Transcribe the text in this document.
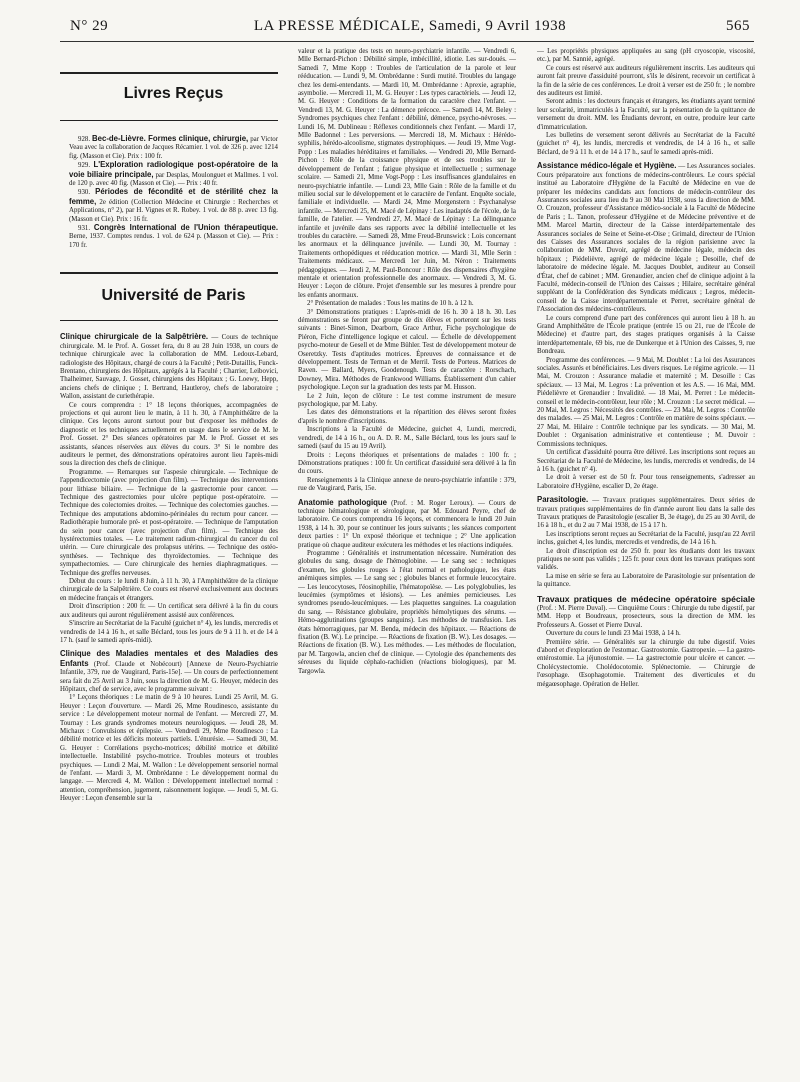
N° 29	LA PRESSE MÉDICALE, Samedi, 9 Avril 1938	565

Livres Reçus

928. Bec-de-Lièvre. Formes clinique, chirurgie, par Victor Veau avec la collaboration de Jacques Récamier. 1 vol. de 326 p. avec 1214 fig. (Masson et Cie). Prix : 100 fr.

929. L'Exploration radiologique post-opératoire de la voie biliaire principale, par Desplas, Moulonguet et Mallmes. 1 vol. de 120 p. avec 40 fig. (Masson et Cie). — Prix : 40 fr.

930. Périodes de fécondité et de stérilité chez la femme, 2e édition (Collection Médecine et Chirurgie : Recherches et Applications, n° 2), par H. Vignes et R. Robey. 1 vol. de 88 p. avec 13 fig. (Masson et Cie). Prix : 16 fr.

931. Congrès International de l'Union thérapeutique. Berne, 1937. Comptes rendus. 1 vol. de 624 p. (Masson et Cie). — Prix : 170 fr.

Université de Paris

Clinique chirurgicale de la Salpêtrière. — Cours de technique chirurgicale. M. le Prof. A. Gosset fera, du 8 au 28 Juin 1938, un cours de technique chirurgicale avec la collaboration de MM. Ledoux-Lebard, radiologiste des Hôpitaux, chargé de cours à la Faculté ; Petit-Dutaillis, Funck-Brentano, chirurgiens des Hôpitaux, agrégés à la Faculté ; Charrier, Leibovici, Thalheimer, Sauvage, J. Gosset, chirurgiens des Hôpitaux ; G. Loewy, Hepp, anciens chefs de clinique ; I. Bertrand, Hautleroy, chefs de laboratoire ; Wallon, assistant de curiethérapie.

Ce cours comprendra : 1° 18 leçons théoriques, accompagnées de projections et qui auront lieu le matin, à 11 h. 30, à l'Amphithéâtre de la clinique. Ces leçons auront surtout pour but d'exposer les méthodes de diagnostic et les techniques actuellement en usage dans le service de M. le Prof. Gosset. 2° Des séances opératoires par M. le Prof. Gosset et ses assistants, séances réservées aux élèves du cours. 3° Si le nombre des auditeurs le permet, des démonstrations opératoires auront lieu l'après-midi sous la direction des chefs de clinique.

Programme. — Remarques sur l'aspesie chirurgicale. — Technique de l'appendicectomie (avec projection d'un film). — Technique des interventions pour lithiase biliaire. — Technique de la gastrectomie pour cancer. — Technique des gastrectomies pour ulcère peptique post-opératoire. — Technique des colectomies droites. — Technique des colectomies gauches. — Technique des amputations abdomino-périnéales du rectum pour cancer. — Radiothérapie humorale pré- et post-opératoire. — Technique de l'amputation du sein pour cancer (avec projection d'un film). — Technique des hystérectomies totales. — Le traitement radium-chirurgical du cancer du col utérin. — Cure chirurgicale des prolapsus utérins. — Technique des ostéo-synthèses. — Technique des thyroïdectomies. — Technique des sympathectomies. — Cure chirurgicale des hernies diaphragmatiques. — Technique des greffes nerveuses.

Début du cours : le lundi 8 Juin, à 11 h. 30, à l'Amphithéâtre de la clinique chirurgicale de la Salpêtrière. Ce cours est réservé exclusivement aux docteurs en médecine français et étrangers.

Droit d'inscription : 200 fr. — Un certificat sera délivré à la fin du cours aux auditeurs qui auront régulièrement assisté aux conférences.

S'inscrire au Secrétariat de la Faculté (guichet n° 4), les lundis, mercredis et vendredis de 14 à 16 h., et salle Béclard, tous les jours de 9 à 11 h. et de 14 à 17 h. (sauf le samedi après-midi).

Clinique des Maladies mentales et des Maladies des Enfants (Prof. Claude et Nobécourt) [Annexe de Neuro-Psychiatrie Infantile, 379, rue de Vaugirard, Paris-15e]. — Un cours de perfectionnement sera fait du 25 Avril au 3 Juin, sous la direction de M. G. Heuyer, médecin des Hôpitaux, chef de service, avec le programme suivant :

1° Leçons théoriques : Le matin de 9 à 10 heures. Lundi 25 Avril, M. G. Heuyer : Leçon d'ouverture. — Mardi 26, Mme Roudinesco, assistante du service : Le développement moteur normal de l'enfant. — Mercredi 27, M. Tournay : Les grands syndromes moteurs neurologiques. — Jeudi 28, M. Michaux : Convulsions et épilepsie. — Vendredi 29, Mme Roudinesco : La débilité motrice et les déficits moteurs partiels. L'énurésie. — Samedi 30, M. G. Heuyer : Corrélations psycho-motrices; débilité motrice et débilité intellectuelle. Instabilité psycho-motrice. Troubles moteurs et troubles psychiques. — Lundi 2 Mai, M. Wallon : Le développement sensoriel normal de l'enfant. — Mardi 3, M. Ombrédanne : Le développement normal du langage. — Mercredi 4, M. Wallon : Développement intellectuel normal : attention, compréhension, jugement, raisonnement logique. — Jeudi 5, M. G. Heuyer : Leçon d'ensemble sur la

valeur et la pratique des tests en neuro-psychiatrie infantile. — Vendredi 6, Mlle Bernard-Pichon : Débilité simple, imbécillité, idiotie. Les sur-doués. — Samedi 7, Mme Kopp : Troubles de l'articulation de la parole et leur rééducation. — Lundi 9, M. Ombrédanne : Surdi mutité. Troubles du langage chez les demi-entendants. — Mardi 10, M. Ombrédanne : Aprexie, agraphie, asymbolie. — Mercredi 11, M. G. Heuyer : Les types caractériels. — Jeudi 12, M. G. Heuyer : Conditions de la formation du caractère chez l'enfant. — Vendredi 13, M. G. Heuyer : La démence précoce. — Samedi 14, M. Beley : Syndromes psychiques chez l'enfant : débilité, démence, psycho-névroses. — Lundi 16, M. Dublineau : Réflexes conditionnels chez l'enfant. — Mardi 17, Mlle Badonnel : Les perversions. — Mercredi 18, M. Michaux : Hérédo-syphilis, hérédo-alcoolisme, stigmates dystrophiques. — Jeudi 19, Mme Vogt-Popp : Les maladies héréditaires et familiales. — Vendredi 20, Mlle Bernard-Pichon : Rôle de la croissance physique et de ses troubles sur le développement de l'enfant ; fatigue physique et intellectuelle ; surmenage scolaire. — Samedi 21, Mme Vogt-Popp : Les insuffisances glandulaires en neuro-psychiatrie infantile. — Lundi 23, Mlle Gain : Rôle de la famille et du milieu social sur le développement et le caractère de l'enfant. Enquête sociale, familiale et individuelle. — Mardi 24, Mme Morgenstern : Psychanalyse infantile. — Mercredi 25, M. Macé de Lépinay : Les inadaptés de l'école, de la famille, de l'atelier. — Vendredi 27, M. Macé de Lépinay : La délinquance infantile et juvénile dans ses rapports avec la débilité intellectuelle et les troubles du caractère. — Samedi 28, Mme Freud-Brunswick : Lois concernant les anormaux et la délinquance juvénile. — Lundi 30, M. Tournay : Traitements orthopédiques et rééducation motrice. — Mardi 31, Mlle Serin : Traitements médicaux. — Mercredi 1er Juin, M. Néron : Traitements pédagogiques. — Jeudi 2, M. Paul-Boncour : Rôle des dispensaires d'hygiène mentale et orientation professionnelle des anormaux. — Vendredi 3, M. G. Heuyer : Leçon de clôture. Projet d'ensemble sur les mesures à prendre pour les enfants anormaux.

2° Présentation de malades : Tous les matins de 10 h. à 12 h.

3° Démonstrations pratiques : L'après-midi de 16 h. 30 à 18 h. 30. Les démonstrations se feront par groupe de dix élèves et porteront sur les tests suivants : Binet-Simon, Dearborn, Grace Arthur, Fiche psychologique de Piéron, Fiche d'intelligence logique et calcul. — Échelle de développement psycho-moteur de Gesell et de Mme Bühler. Test de développement moteur de Oseretzky. Tests d'aptitudes motrices. Épreuves de connaissance et de développement. Tests de Terman et de Merril. Tests de Porteus. Matrices de Raven. — Ballard, Myers, Goodenough. Tests de caractère : Rorschach, Downey, Mira. Méthodes de Frankwood Williams. Établissement d'un cahier psychologique. Leçon sur la graduation des tests par M. Husson.

Le 2 Juin, leçon de clôture : Le test comme instrument de mesure psychologique, par M. Laby.

Les dates des démonstrations et la répartition des élèves seront fixées d'après le nombre d'inscriptions.

Inscriptions à la Faculté de Médecine, guichet 4, Lundi, mercredi, vendredi, de 14 à 16 h., ou A. D. R. M., Salle Béclard, tous les jours sauf le samedi (sauf du 15 au 19 Avril).

Droits : Leçons théoriques et présentations de malades : 100 fr. ; Démonstrations pratiques : 100 fr. Un certificat d'assiduité sera délivré à la fin du cours.

Renseignements à la Clinique annexe de neuro-psychiatrie infantile : 379, rue de Vaugirard, Paris, 15e.

Anatomie pathologique (Prof. : M. Roger Leroux). — Cours de technique hématologique et sérologique, par M. Edouard Peyre, chef de laboratoire. Ce cours comprendra 16 leçons, et commencera le lundi 20 Juin 1938, à 14 h. 30, pour se continuer les jours suivants ; les séances comportent deux parties : 1° Un exposé théorique et technique ; 2° Une application pratique où chaque auditeur exécutera les méthodes et les réactions indiquées.

Programme : Généralités et instrumentation nécessaire. Numération des globules du sang, dosage de l'hémoglobine. — Le sang sec : techniques d'examen, les globules rouges à l'état normal et pathologique, les états anémiques simples. — Le sang sec ; globules blancs et formule leucocytaire. — Les leucocytoses, l'éosinophilie, l'hématopoïèse. — Les polyglobulies, les leucémies (symptômes et lésions). — Les anémies pernicieuses. Les syndromes pseudo-leucémiques. — Les plaquettes sanguines. La coagulation du sang. — Résistance globulaire, propriétés hémolytiques des sérums. — Hémo-agglutinations (groupes sanguins). Les méthodes de transfusion. Les états hémorragiques, par M. Benda, médecin des hôpitaux. — Réactions de fixation (B. W.). Le principe. — Réactions de fixation (B. W.). Les dosages. — Réactions de fixation (B. W.). Les méthodes. — Les méthodes de floculation, par M. Targowla, ancien chef de clinique. — Cytologie des épanchements des séreuses du liquide céphalo-rachidien (réactions biologiques), par M. Targowla.

— Les propriétés physiques appliquées au sang (pH cryoscopie, viscosité, etc.), par M. Sannié, agrégé.

Ce cours est réservé aux auditeurs régulièrement inscrits. Les auditeurs qui auront fait preuve d'assiduité pourront, s'ils le désirent, recevoir un certificat à la fin de la série de ces conférences. Le droit à verser est de 250 fr. ; le nombre des auditeurs est limité.

Seront admis : les docteurs français et étrangers, les étudiants ayant terminé leur scolarité, immatriculés à la Faculté, sur la présentation de la quittance de versement du droit. MM. les Étudiants devront, en outre, produire leur carte d'immatriculation.

Les bulletins de versement seront délivrés au Secrétariat de la Faculté (guichet n° 4), les lundis, mercredis et vendredis, de 14 à 16 h., et salle Béclard, de 9 à 11 h. et de 14 à 17 h., sauf le samedi après-midi.

Assistance médico-légale et Hygiène. — Les Assurances sociales. Cours préparatoire aux fonctions de médecins-contrôleurs. Le cours spécial institué au Laboratoire d'Hygiène de la Faculté de Médecine en vue de préparer les médecins candidats aux fonctions de médecin-contrôleur des Assurances sociales aura lieu du 9 au 30 Mai 1938, sous la direction de MM. O. Crouzon, professeur d'Assistance médico-sociale à la Faculté de Médecine de Paris ; L. Tanon, professeur d'Hygiène et de Médecine préventive et de MM. Marcel Martin, directeur de la Caisse interdépartementale des Assurances sociales de Seine et Seine-et-Oise ; Grimald, directeur de l'Union des Caisses des Assurances sociales de la région parisienne avec la collaboration de MM. Duvoir, agrégé de médecine légale, médecin des hôpitaux ; Piédelièvre, agrégé de médecine légale ; Desoille, chef de laboratoire de médecine légale. M. Jacques Doublet, auditeur au Conseil d'État, chef de cabinet ; MM. Grenaudier, ancien chef de clinique adjoint à la Faculté, médecin-conseil de l'Union des Caisses ; Hilaire, secrétaire général suppléant de la Confédération des Syndicats médicaux ; Legros, médecin-conseil de la Caisse interdépartementale et Perret, secrétaire général de l'Association des médecins-contrôleurs.

Le cours comprend d'une part des conférences qui auront lieu à 18 h. au Grand Amphithéâtre de l'École pratique (entrée 15 ou 21, rue de l'École de Médecine) et d'autre part, des stages pratiques organisés à la Caisse interdépartementale, 69 bis, rue de Dunkerque et à l'Union des Caisses, 9, rue Bondreau.

Programme des conférences. — 9 Mai, M. Doublet : La loi des Assurances sociales. Assurés et bénéficiaires. Les divers risques. Le régime agricole. — 11 Mai, M. Crouzon : Assurance maladie et maternité ; M. Desoille : Cas spéciaux. — 13 Mai, M. Legros : La prévention et les A.S. — 16 Mai, MM. Piédelièvre et Grenaudier : Invalidité. — 18 Mai, M. Perret : Le médecin-conseil et le médecin-contrôleur, leur rôle ; M. Crouzon : Le secret médical. — 20 Mai, M. Legros : Nécessités des contrôles. — 23 Mai, M. Legros : Contrôle des malades. — 25 Mai, M. Legros : Contrôle en matière de soins spéciaux. — 27 Mai, M. Hilaire : Contrôle technique par les syndicats. — 30 Mai, M. Doublet : Organisation administrative et contentieuse ; M. Duvoir : Commissions techniques.

Un certificat d'assiduité pourra être délivré. Les inscriptions sont reçues au Secrétariat de la Faculté de Médecine, les lundis, mercredis et vendredis, de 14 à 16 h. (guichet n° 4).

Le droit à verser est de 50 fr. Pour tous renseignements, s'adresser au Laboratoire d'Hygiène, escalier D, 2e étage.

Parasitologie. — Travaux pratiques supplémentaires. Deux séries de travaux pratiques supplémentaires de fin d'année auront lieu dans la salle des Travaux pratiques de Parasitologie (escalier B, 3e étage), du 25 au 30 Avril, de 16 à 18 h., et du 2 au 7 Mai 1938, de 15 à 17 h.

Les inscriptions seront reçues au Secrétariat de la Faculté, jusqu'au 22 Avril inclus, guichet 4, les lundis, mercredis et vendredis, de 14 à 16 h.

Le droit d'inscription est de 250 fr. pour les étudiants dont les travaux pratiques ne sont pas validés ; 125 fr. pour ceux dont les travaux pratiques sont validés.

La mise en série se fera au Laboratoire de Parasitologie sur présentation de la quittance.

Travaux pratiques de médecine opératoire spéciale (Prof. : M. Pierre Duval). — Cinquième Cours : Chirurgie du tube digestif, par MM. Hepp et Boudreaux, prosecteurs, sous la direction de MM. les Professeurs A. Gosset et Pierre Duval.

Ouverture du cours le lundi 23 Mai 1938, à 14 h.

Première série. — Généralités sur la chirurgie du tube digestif. Voies d'abord et d'exploration de l'estomac. Gastrostomie. Gastropexie. — La gastro-entérostomie. La jéjunostomie. — La gastrectomie pour ulcère et cancer. — Cholécystectomie. Cholédocotomie. Splénectomie. — Chirurgie de l'œsophage. Œsophagotomie. Traitement des diverticules et du mégaœsophage. Opération de Heller.
